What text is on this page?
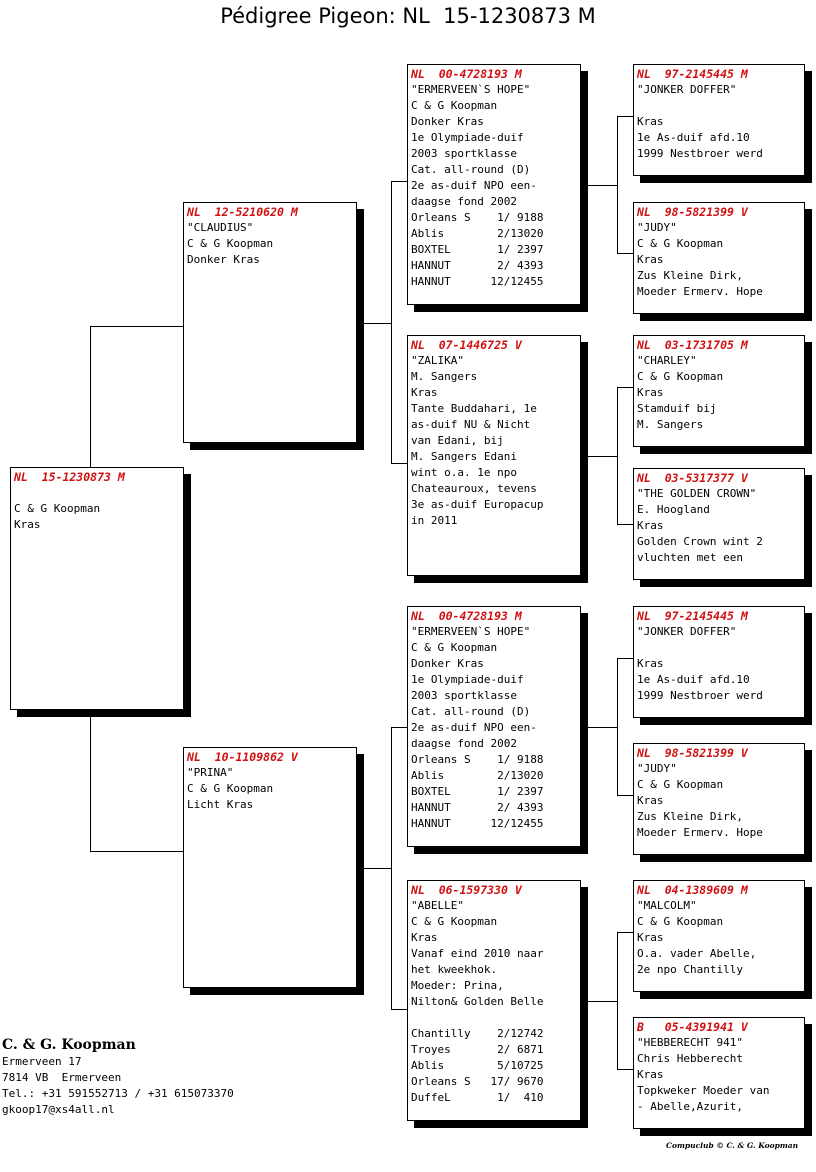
Pédigree Pigeon: NL  15-1230873 M
NL  15-1230873 M
C & G Koopman
Kras
NL  12-5210620 M
"CLAUDIUS"
C & G Koopman
Donker Kras
NL  10-1109862 V
"PRINA"
C & G Koopman
Licht Kras
NL  00-4728193 M
"ERMERVEEN`S HOPE"
C & G Koopman
Donker Kras
1e Olympiade-duif
2003 sportklasse
Cat. all-round (D)
2e as-duif NPO een-
daagse fond 2002
Orleans S    1/ 9188
Ablis        2/13020
BOXTEL       1/ 2397
HANNUT       2/ 4393
HANNUT      12/12455
NL  07-1446725 V
"ZALIKA"
M. Sangers
Kras
Tante Buddahari, 1e
as-duif NU & Nicht
van Edani, bij
M. Sangers Edani
wint o.a. 1e npo
Chateauroux, tevens
3e as-duif Europacup
in 2011
NL  00-4728193 M
"ERMERVEEN`S HOPE"
C & G Koopman
Donker Kras
1e Olympiade-duif
2003 sportklasse
Cat. all-round (D)
2e as-duif NPO een-
daagse fond 2002
Orleans S    1/ 9188
Ablis        2/13020
BOXTEL       1/ 2397
HANNUT       2/ 4393
HANNUT      12/12455
NL  06-1597330 V
"ABELLE"
C & G Koopman
Kras
Vanaf eind 2010 naar
het kweekhok.
Moeder: Prina,
Nilton& Golden Belle
Chantilly    2/12742
Troyes       2/ 6871
Ablis        5/10725
Orleans S   17/ 9670
DuffeL       1/  410
NL  97-2145445 M
"JONKER DOFFER"
Kras
1e As-duif afd.10
1999 Nestbroer werd
NL  98-5821399 V
"JUDY"
C & G Koopman
Kras
Zus Kleine Dirk,
Moeder Ermerv. Hope
NL  03-1731705 M
"CHARLEY"
C & G Koopman
Kras
Stamduif bij
M. Sangers
NL  03-5317377 V
"THE GOLDEN CROWN"
E. Hoogland
Kras
Golden Crown wint 2
vluchten met een
NL  97-2145445 M
"JONKER DOFFER"
Kras
1e As-duif afd.10
1999 Nestbroer werd
NL  98-5821399 V
"JUDY"
C & G Koopman
Kras
Zus Kleine Dirk,
Moeder Ermerv. Hope
NL  04-1389609 M
"MALCOLM"
C & G Koopman
Kras
O.a. vader Abelle,
2e npo Chantilly
B   05-4391941 V
"HEBBERECHT 941"
Chris Hebberecht
Kras
Topkweker Moeder van
- Abelle,Azurit,
C. & G. Koopman
Ermerveen 17
7814 VB  Ermerveen
Tel.: +31 591552713 / +31 615073370
gkoop17@xs4all.nl
Compuclub © C. & G. Koopman
